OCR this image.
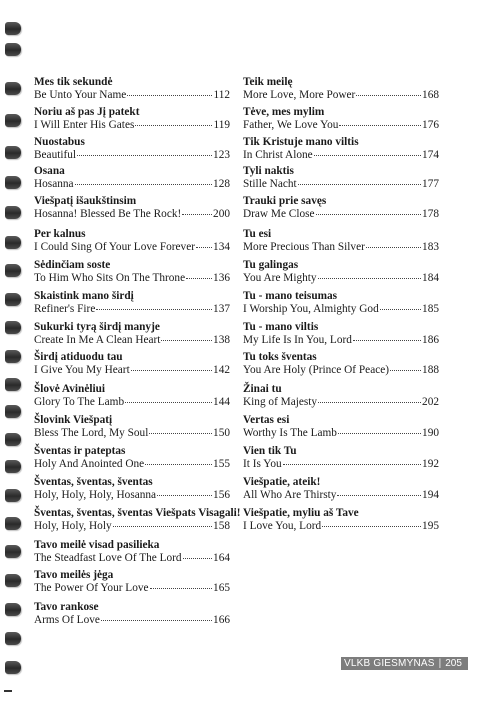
Mes tik sekundė
Be Unto Your Name	112
Noriu aš pas Jį patekt
I Will Enter His Gates	119
Nuostabus
Beautiful	123
Osana
Hosanna	128
Viešpatį išaukštinsim
Hosanna! Blessed Be The Rock!	200
Per kalnus
I Could Sing Of Your Love Forever 134
Sėdinčiam soste
To Him Who Sits On The Throne 136
Skaistink mano širdį
Refiner's Fire	137
Sukurki tyrą širdį manyje
Create In Me A Clean Heart	138
Širdį atiduodu tau
I Give You My Heart	142
Šlovė Avinėliui
Glory To The Lamb	144
Šlovink Viešpatį
Bless The Lord, My Soul	150
Šventas ir pateptas
Holy And Anointed One	155
Šventas, šventas, šventas
Holy, Holy, Holy, Hosanna	156
Šventas, šventas, šventas Viešpats Visagali!
Holy, Holy, Holy	158
Tavo meilė visad pasilieka
The Steadfast Love Of The Lord	164
Tavo meilės jėga
The Power Of Your Love	165
Tavo rankose
Arms Of Love	166
Teik meilę
More Love, More Power	168
Tėve, mes mylim
Father, We Love You	176
Tik Kristuje mano viltis
In Christ Alone	174
Tyli naktis
Stille Nacht	177
Trauki prie savęs
Draw Me Close	178
Tu esi
More Precious Than Silver	183
Tu galingas
You Are Mighty	184
Tu - mano teisumas
I Worship You, Almighty God	185
Tu - mano viltis
My Life Is In You, Lord	186
Tu toks šventas
You Are Holy (Prince Of Peace)	188
Žinai tu
King of Majesty	202
Vertas esi
Worthy Is The Lamb	190
Vien tik Tu
It Is You	192
Viešpatie, ateik!
All Who Are Thirsty	194
Viešpatie, myliu aš Tave
I Love You, Lord	195
VLKB GIESMYNAS | 205
